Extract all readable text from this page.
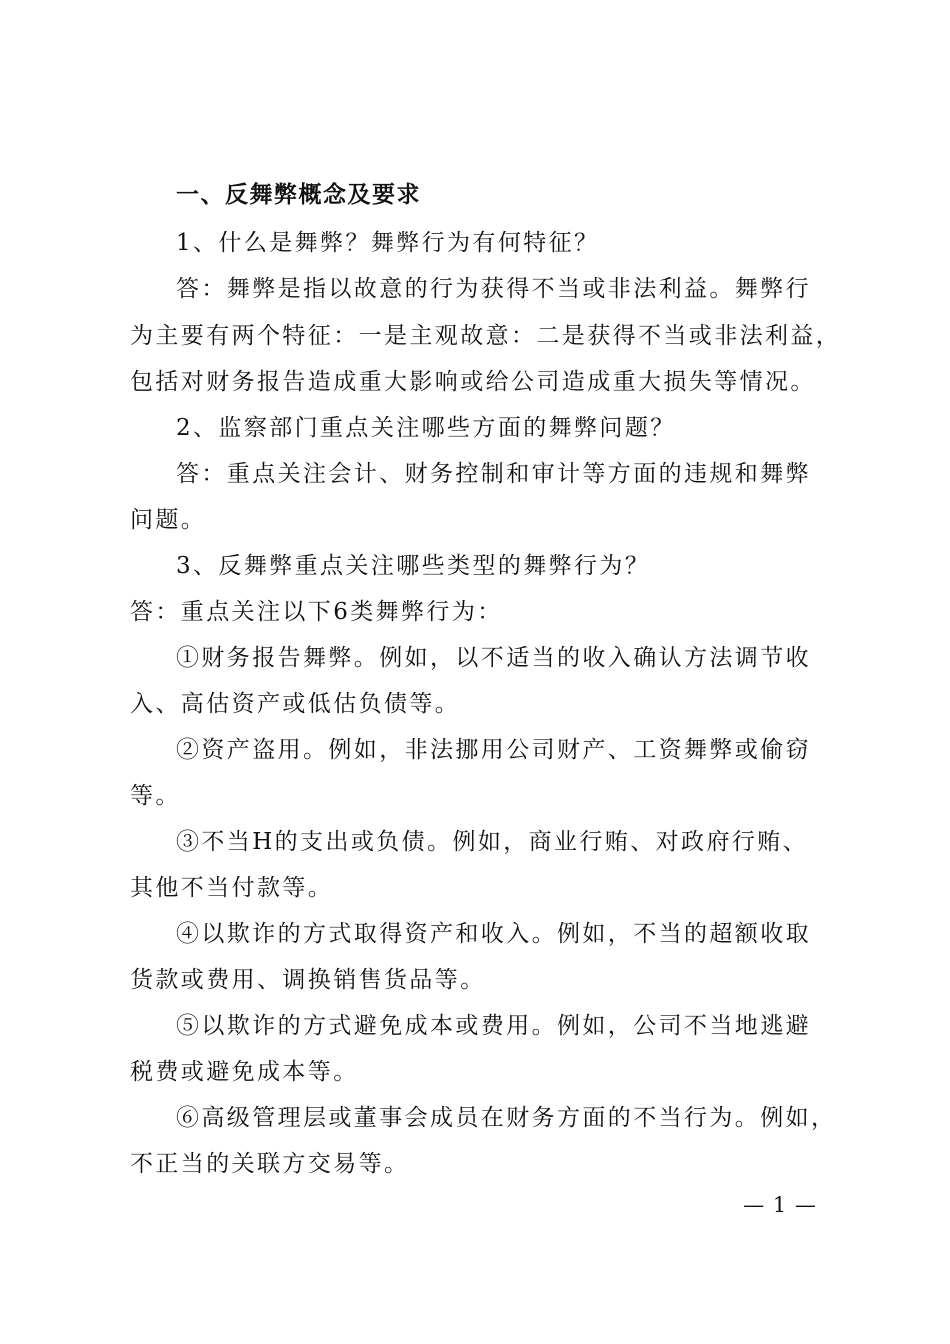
一、反舞弊概念及要求
1、什么是舞弊？舞弊行为有何特征？
答：舞弊是指以故意的行为获得不当或非法利益。舞弊行
为主要有两个特征：一是主观故意：二是获得不当或非法利益，
包括对财务报告造成重大影响或给公司造成重大损失等情况。
2、监察部门重点关注哪些方面的舞弊问题？
答：重点关注会计、财务控制和审计等方面的违规和舞弊
问题。
3、反舞弊重点关注哪些类型的舞弊行为？
答：重点关注以下6类舞弊行为：
①财务报告舞弊。例如，以不适当的收入确认方法调节收
入、高估资产或低估负债等。
②资产盗用。例如，非法挪用公司财产、工资舞弊或偷窃
等。
③不当H的支出或负债。例如，商业行贿、对政府行贿、
其他不当付款等。
④以欺诈的方式取得资产和收入。例如，不当的超额收取
货款或费用、调换销售货品等。
⑤以欺诈的方式避免成本或费用。例如，公司不当地逃避
税费或避免成本等。
⑥高级管理层或董事会成员在财务方面的不当行为。例如，
不正当的关联方交易等。
— 1 —
